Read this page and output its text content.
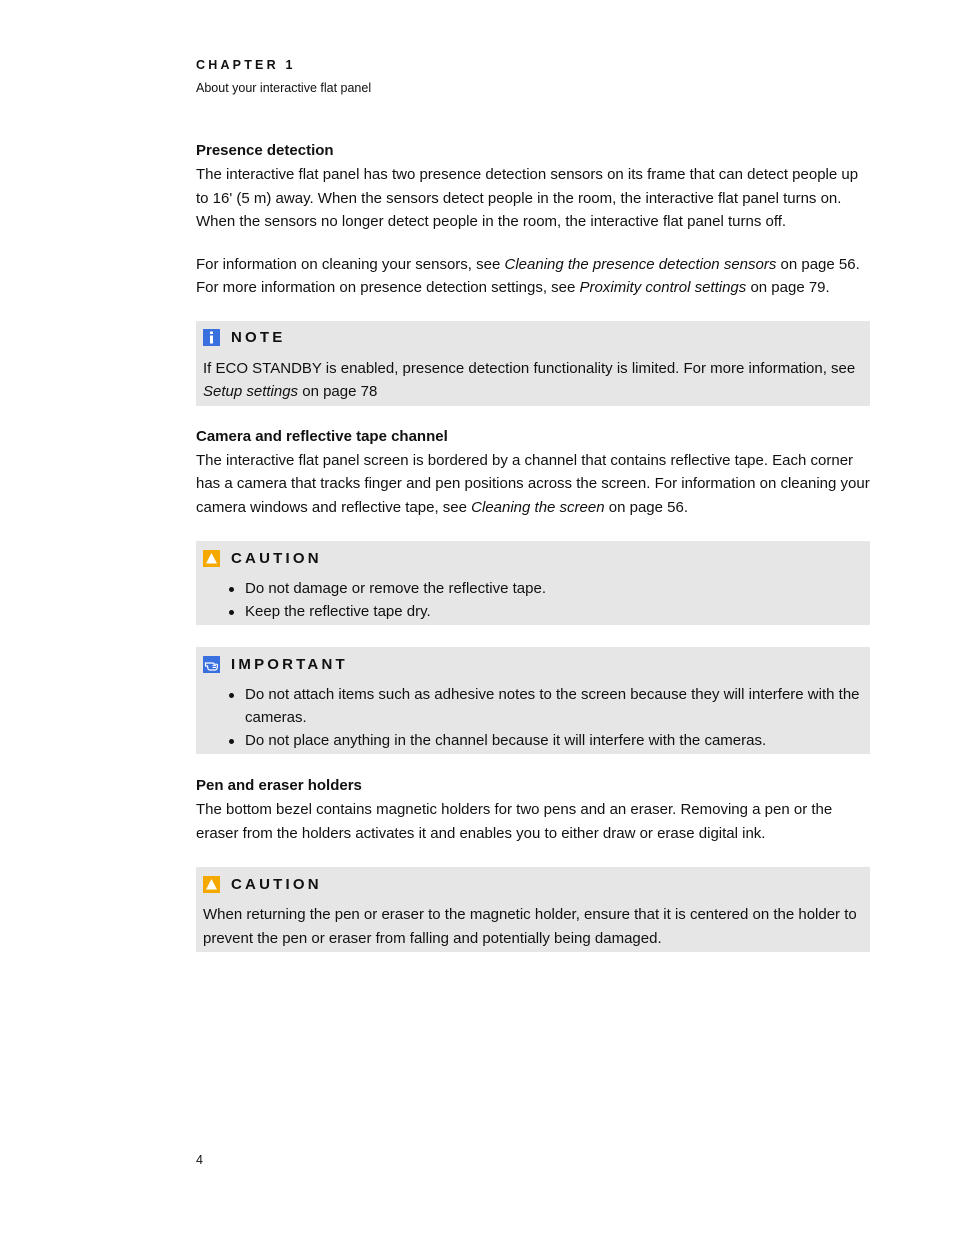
CHAPTER 1

About your interactive flat panel

Presence detection

The interactive flat panel has two presence detection sensors on its frame that can detect people up to 16' (5 m) away. When the sensors detect people in the room, the interactive flat panel turns on. When the sensors no longer detect people in the room, the interactive flat panel turns off.

For information on cleaning your sensors, see Cleaning the presence detection sensors on page 56. For more information on presence detection settings, see Proximity control settings on page 79.

NOTE

If ECO STANDBY is enabled, presence detection functionality is limited. For more information, see Setup settings on page 78

Camera and reflective tape channel

The interactive flat panel screen is bordered by a channel that contains reflective tape. Each corner has a camera that tracks finger and pen positions across the screen. For information on cleaning your camera windows and reflective tape, see Cleaning the screen on page 56.

CAUTION
Do not damage or remove the reflective tape.
Keep the reflective tape dry.
IMPORTANT
Do not attach items such as adhesive notes to the screen because they will interfere with the cameras.
Do not place anything in the channel because it will interfere with the cameras.
Pen and eraser holders

The bottom bezel contains magnetic holders for two pens and an eraser. Removing a pen or the eraser from the holders activates it and enables you to either draw or erase digital ink.

CAUTION

When returning the pen or eraser to the magnetic holder, ensure that it is centered on the holder to prevent the pen or eraser from falling and potentially being damaged.

4
